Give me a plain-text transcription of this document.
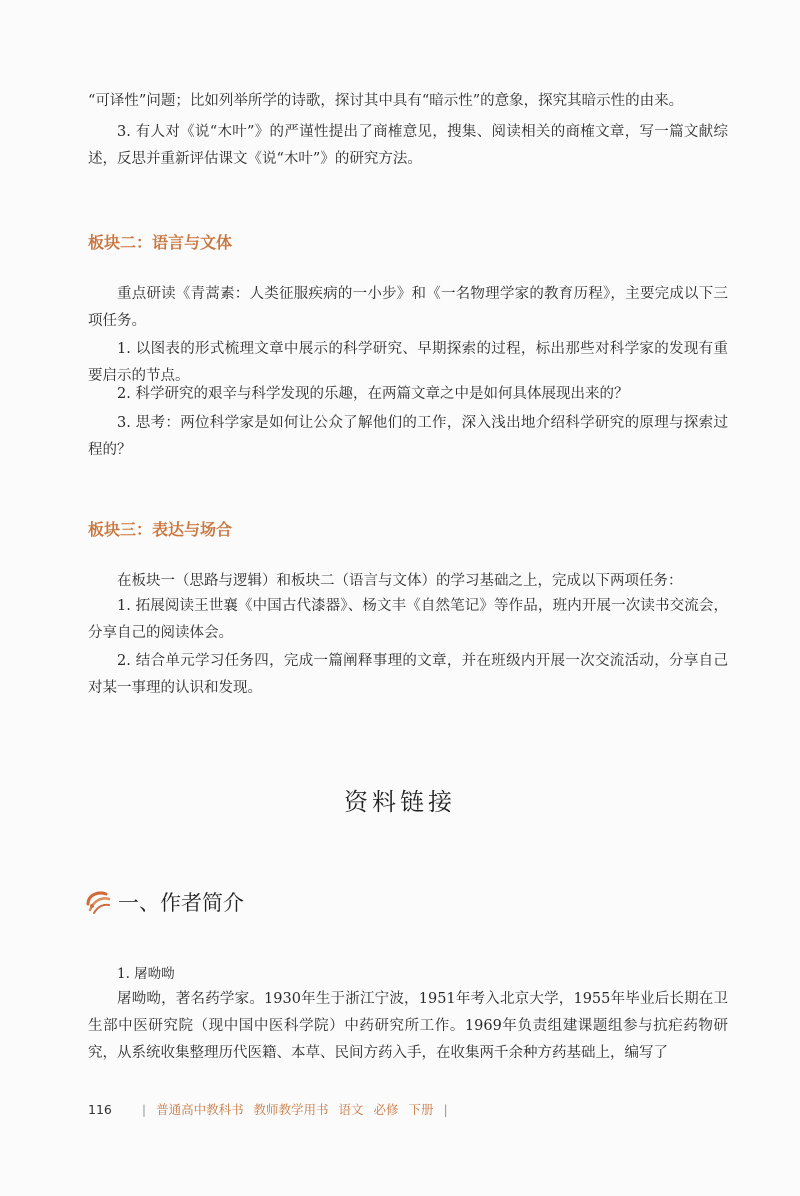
“可译性”问题；比如列举所学的诗歌，探讨其中具有“暗示性”的意象，探究其暗示性的由来。

3. 有人对《说“木叶”》的严谨性提出了商榷意见，搜集、阅读相关的商榷文章，写一篇文献综述，反思并重新评估课文《说“木叶”》的研究方法。

板块二：语言与文体

重点研读《青蒿素：人类征服疾病的一小步》和《一名物理学家的教育历程》，主要完成以下三项任务。

1. 以图表的形式梳理文章中展示的科学研究、早期探索的过程，标出那些对科学家的发现有重要启示的节点。

2. 科学研究的艰辛与科学发现的乐趣，在两篇文章之中是如何具体展现出来的？

3. 思考：两位科学家是如何让公众了解他们的工作，深入浅出地介绍科学研究的原理与探索过程的？

板块三：表达与场合

在板块一（思路与逻辑）和板块二（语言与文体）的学习基础之上，完成以下两项任务：

1. 拓展阅读王世襄《中国古代漆器》、杨文丰《自然笔记》等作品，班内开展一次读书交流会，分享自己的阅读体会。

2. 结合单元学习任务四，完成一篇阐释事理的文章，并在班级内开展一次交流活动，分享自己对某一事理的认识和发现。

资料链接

一、作者简介

1. 屠呦呦

屠呦呦，著名药学家。1930年生于浙江宁波，1951年考入北京大学，1955年毕业后长期在卫生部中医研究院（现中国中医科学院）中药研究所工作。1969年负责组建课题组参与抗疟药物研究，从系统收集整理历代医籍、本草、民间方药入手，在收集两千余种方药基础上，编写了

116 | 普通高中教科书 教师教学用书 语文 必修 下册 |
